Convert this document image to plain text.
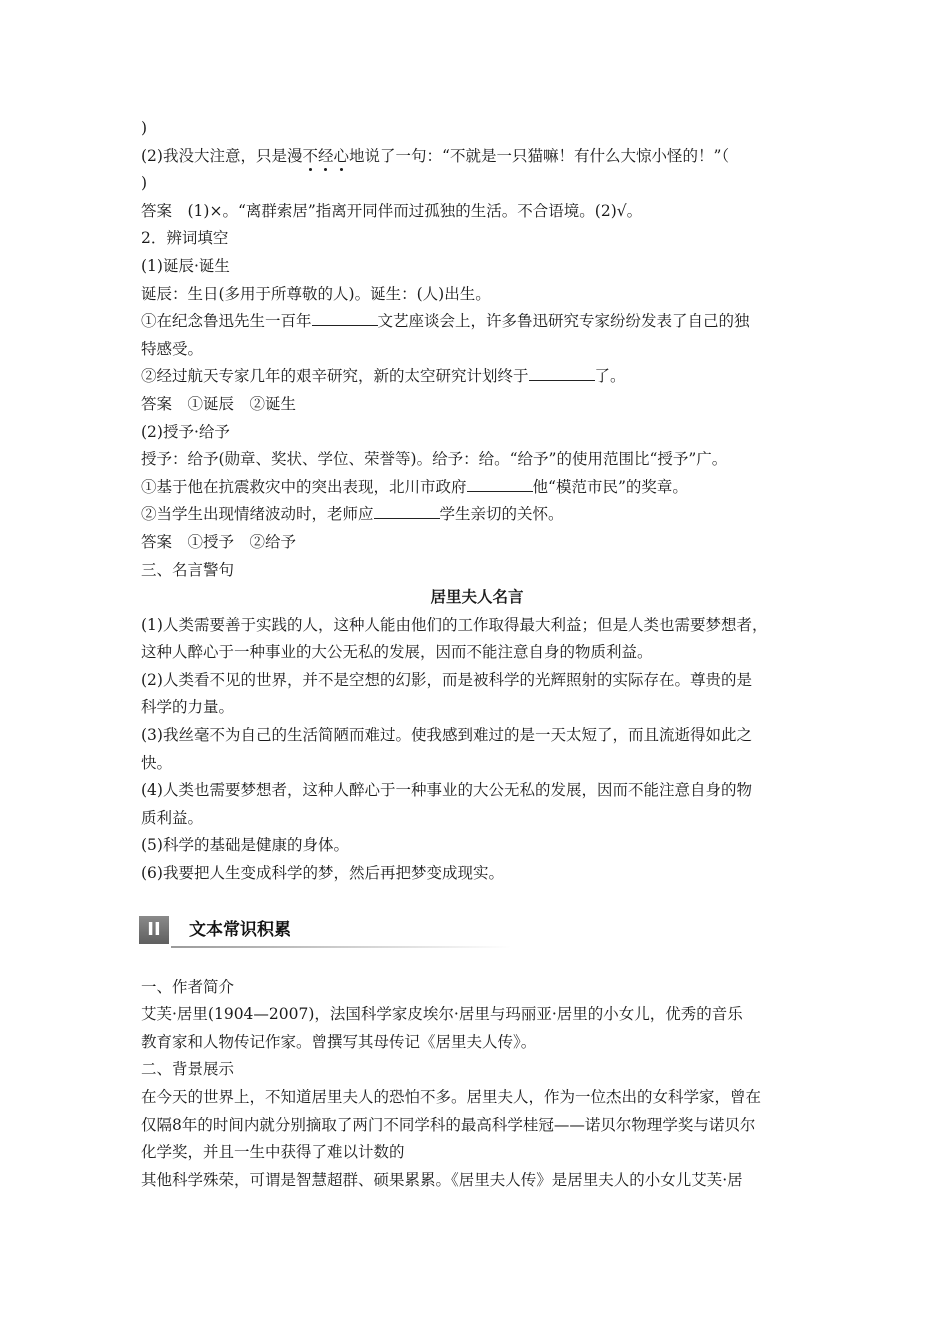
)
(2)我没大注意，只是漫不经心地说了一句：“不就是一只猫嘛！有什么大惊小怪的！”（
)
答案　(1)×。“离群索居”指离开同伴而过孤独的生活。不合语境。(2)√。
2．辨词填空
(1)诞辰·诞生
诞辰：生日(多用于所尊敬的人)。诞生：(人)出生。
①在纪念鲁迅先生一百年	文艺座谈会上，许多鲁迅研究专家纷纷发表了自己的独
特感受。
②经过航天专家几年的艰辛研究，新的太空研究计划终于	了。
答案　①诞辰　②诞生
(2)授予·给予
授予：给予(勋章、奖状、学位、荣誉等)。给予：给。“给予”的使用范围比“授予”广。
①基于他在抗震救灾中的突出表现，北川市政府	他“模范市民”的奖章。
②当学生出现情绪波动时，老师应	学生亲切的关怀。
答案　①授予　②给予
三、名言警句
居里夫人名言
(1)人类需要善于实践的人，这种人能由他们的工作取得最大利益；但是人类也需要梦想者，
这种人醉心于一种事业的大公无私的发展，因而不能注意自身的物质利益。
(2)人类看不见的世界，并不是空想的幻影，而是被科学的光辉照射的实际存在。尊贵的是
科学的力量。
(3)我丝毫不为自己的生活简陋而难过。使我感到难过的是一天太短了，而且流逝得如此之
快。
(4)人类也需要梦想者，这种人醉心于一种事业的大公无私的发展，因而不能注意自身的物
质利益。
(5)科学的基础是健康的身体。
(6)我要把人生变成科学的梦，然后再把梦变成现实。
II	文本常识积累
一、作者简介
艾芙·居里(1904—2007)，法国科学家皮埃尔·居里与玛丽亚·居里的小女儿，优秀的音乐
教育家和人物传记作家。曾撰写其母传记《居里夫人传》。
二、背景展示
在今天的世界上，不知道居里夫人的恐怕不多。居里夫人，作为一位杰出的女科学家，曾在
仅隔8年的时间内就分别摘取了两门不同学科的最高科学桂冠——诺贝尔物理学奖与诺贝尔
化学奖，并且一生中获得了难以计数的
其他科学殊荣，可谓是智慧超群、硕果累累。《居里夫人传》是居里夫人的小女儿艾芙·居
